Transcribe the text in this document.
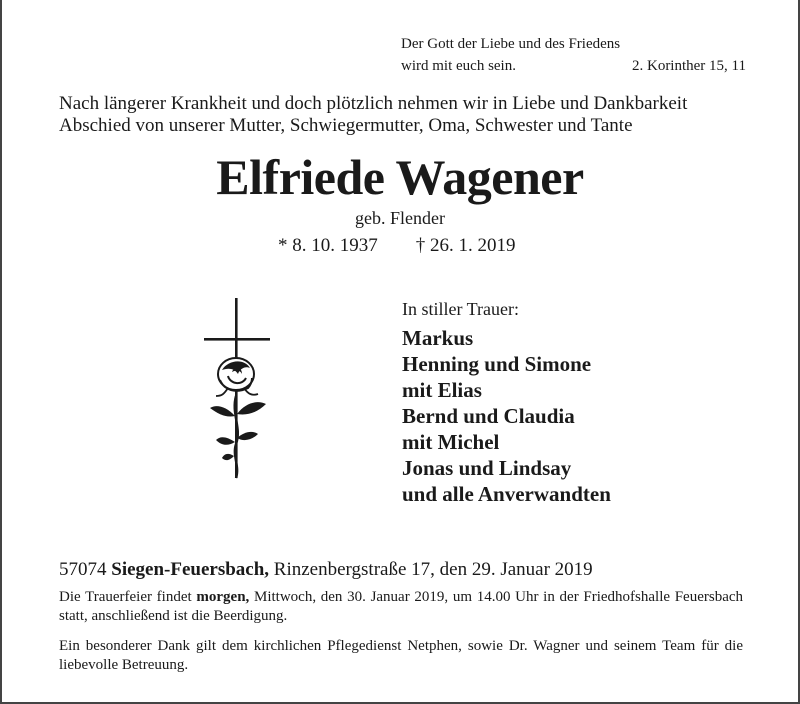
Der Gott der Liebe und des Friedens
wird mit euch sein.	2. Korinther 15, 11
Nach längerer Krankheit und doch plötzlich nehmen wir in Liebe und Dankbarkeit
Abschied von unserer Mutter, Schwiegermutter, Oma, Schwester und Tante
Elfriede Wagener
geb. Flender
* 8. 10. 1937 † 26. 1. 2019
In stiller Trauer:
Markus
Henning und Simone
mit Elias
Bernd und Claudia
mit Michel
Jonas und Lindsay
und alle Anverwandten
57074 Siegen-Feuersbach, Rinzenbergstraße 17, den 29. Januar 2019
Die Trauerfeier findet morgen, Mittwoch, den 30. Januar 2019, um 14.00 Uhr in der Friedhofshalle Feuersbach statt, anschließend ist die Beerdigung.
Ein besonderer Dank gilt dem kirchlichen Pflegedienst Netphen, sowie Dr. Wagner und seinem Team für die liebevolle Betreuung.
